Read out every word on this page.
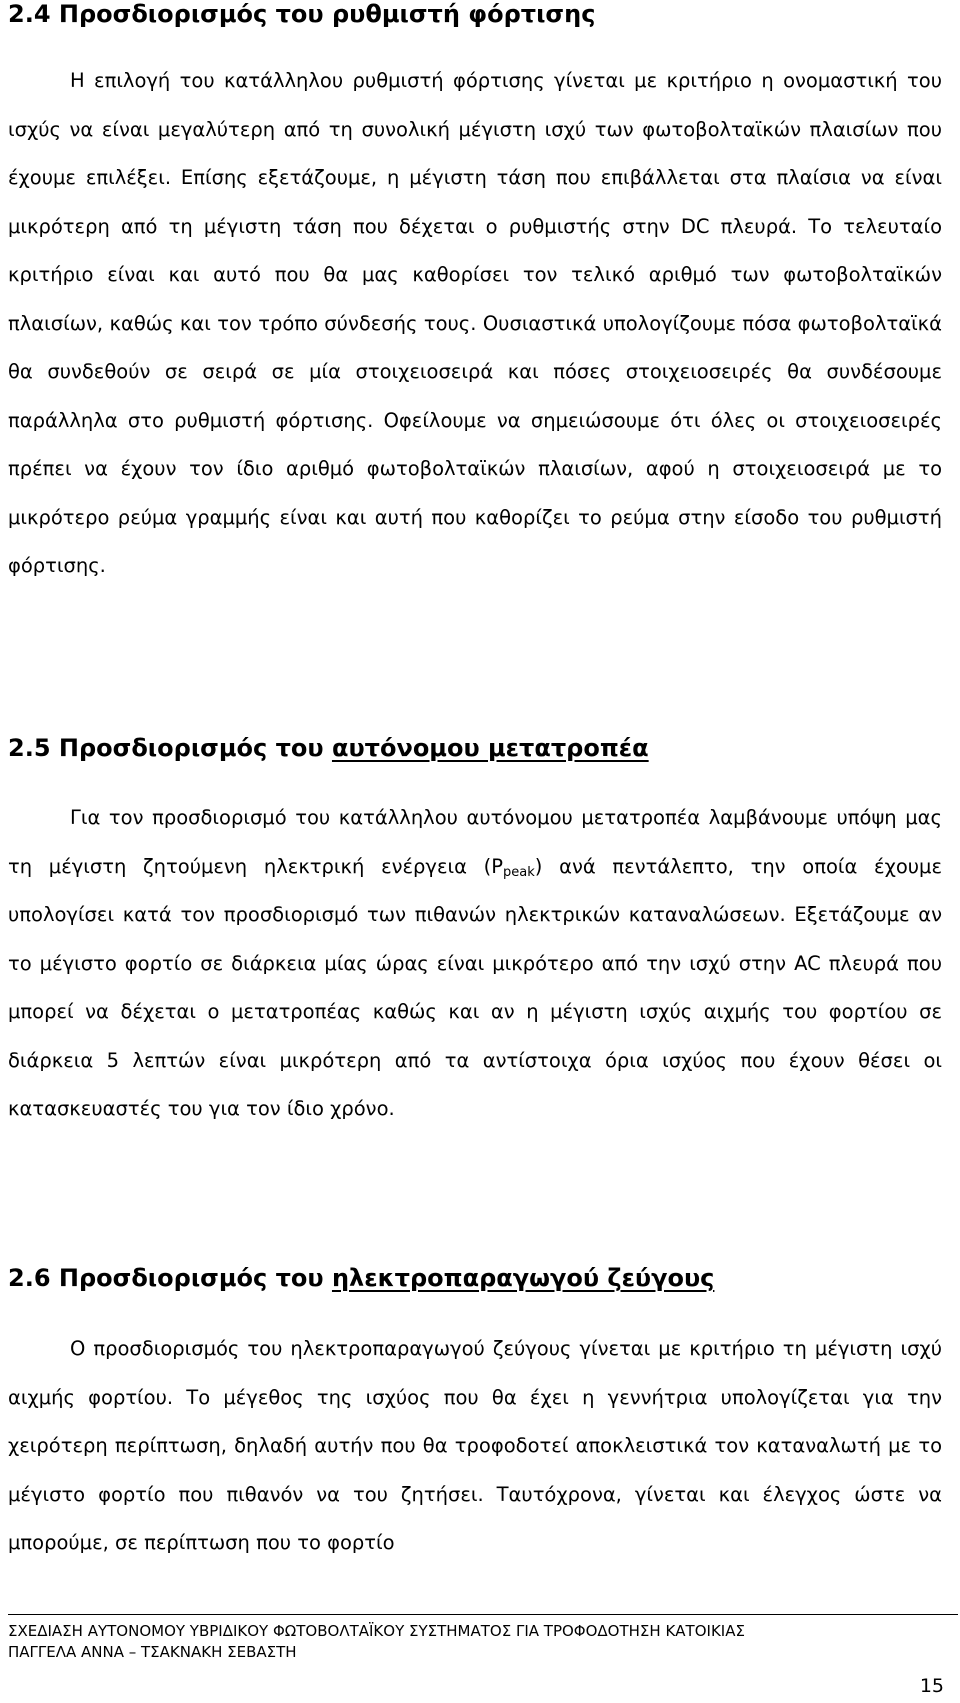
2.4 Προσδιορισμός του ρυθμιστή φόρτισης

Η επιλογή του κατάλληλου ρυθμιστή φόρτισης γίνεται με κριτήριο η ονομαστική του ισχύς να είναι μεγαλύτερη από τη συνολική μέγιστη ισχύ των φωτοβολταϊκών πλαισίων που έχουμε επιλέξει. Επίσης εξετάζουμε, η μέγιστη τάση που επιβάλλεται στα πλαίσια να είναι μικρότερη από τη μέγιστη τάση που δέχεται ο ρυθμιστής στην DC πλευρά. Το τελευταίο κριτήριο είναι και αυτό που θα μας καθορίσει τον τελικό αριθμό των φωτοβολταϊκών πλαισίων, καθώς και τον τρόπο σύνδεσής τους. Ουσιαστικά υπολογίζουμε πόσα φωτοβολταϊκά θα συνδεθούν σε σειρά σε μία στοιχειοσειρά και πόσες στοιχειοσειρές θα συνδέσουμε παράλληλα στο ρυθμιστή φόρτισης. Οφείλουμε να σημειώσουμε ότι όλες οι στοιχειοσειρές πρέπει να έχουν τον ίδιο αριθμό φωτοβολταϊκών πλαισίων, αφού η στοιχειοσειρά με το μικρότερο ρεύμα γραμμής είναι και αυτή που καθορίζει το ρεύμα στην είσοδο του ρυθμιστή φόρτισης.

2.5 Προσδιορισμός του αυτόνομου μετατροπέα

Για τον προσδιορισμό του κατάλληλου αυτόνομου μετατροπέα λαμβάνουμε υπόψη μας τη μέγιστη ζητούμενη ηλεκτρική ενέργεια $(P_{peak})$ ανά πεντάλεπτο, την οποία έχουμε υπολογίσει κατά τον προσδιορισμό των πιθανών ηλεκτρικών καταναλώσεων. Εξετάζουμε αν το μέγιστο φορτίο σε διάρκεια μίας ώρας είναι μικρότερο από την ισχύ στην AC πλευρά που μπορεί να δέχεται ο μετατροπέας καθώς και αν η μέγιστη ισχύς αιχμής του φορτίου σε διάρκεια 5 λεπτών είναι μικρότερη από τα αντίστοιχα όρια ισχύος που έχουν θέσει οι κατασκευαστές του για τον ίδιο χρόνο.

2.6 Προσδιορισμός του ηλεκτροπαραγωγού ζεύγους

Ο προσδιορισμός του ηλεκτροπαραγωγού ζεύγους γίνεται με κριτήριο τη μέγιστη ισχύ αιχμής φορτίου. Το μέγεθος της ισχύος που θα έχει η γεννήτρια υπολογίζεται για την χειρότερη περίπτωση, δηλαδή αυτήν που θα τροφοδοτεί αποκλειστικά τον καταναλωτή με το μέγιστο φορτίο που πιθανόν να του ζητήσει. Ταυτόχρονα, γίνεται και έλεγχος ώστε να μπορούμε, σε περίπτωση που το φορτίο

ΣΧΕΔΙΑΣΗ ΑΥΤΟΝΟΜΟΥ ΥΒΡΙΔΙΚΟΥ ΦΩΤΟΒΟΛΤΑΪΚΟΥ ΣΥΣΤΗΜΑΤΟΣ ΓΙΑ ΤΡΟΦΟΔΟΤΗΣΗ ΚΑΤΟΙΚΙΑΣ
ΠΑΓΓΕΛΑ ΑΝΝΑ – ΤΣΑΚΝΑΚΗ ΣΕΒΑΣΤΗ
15
